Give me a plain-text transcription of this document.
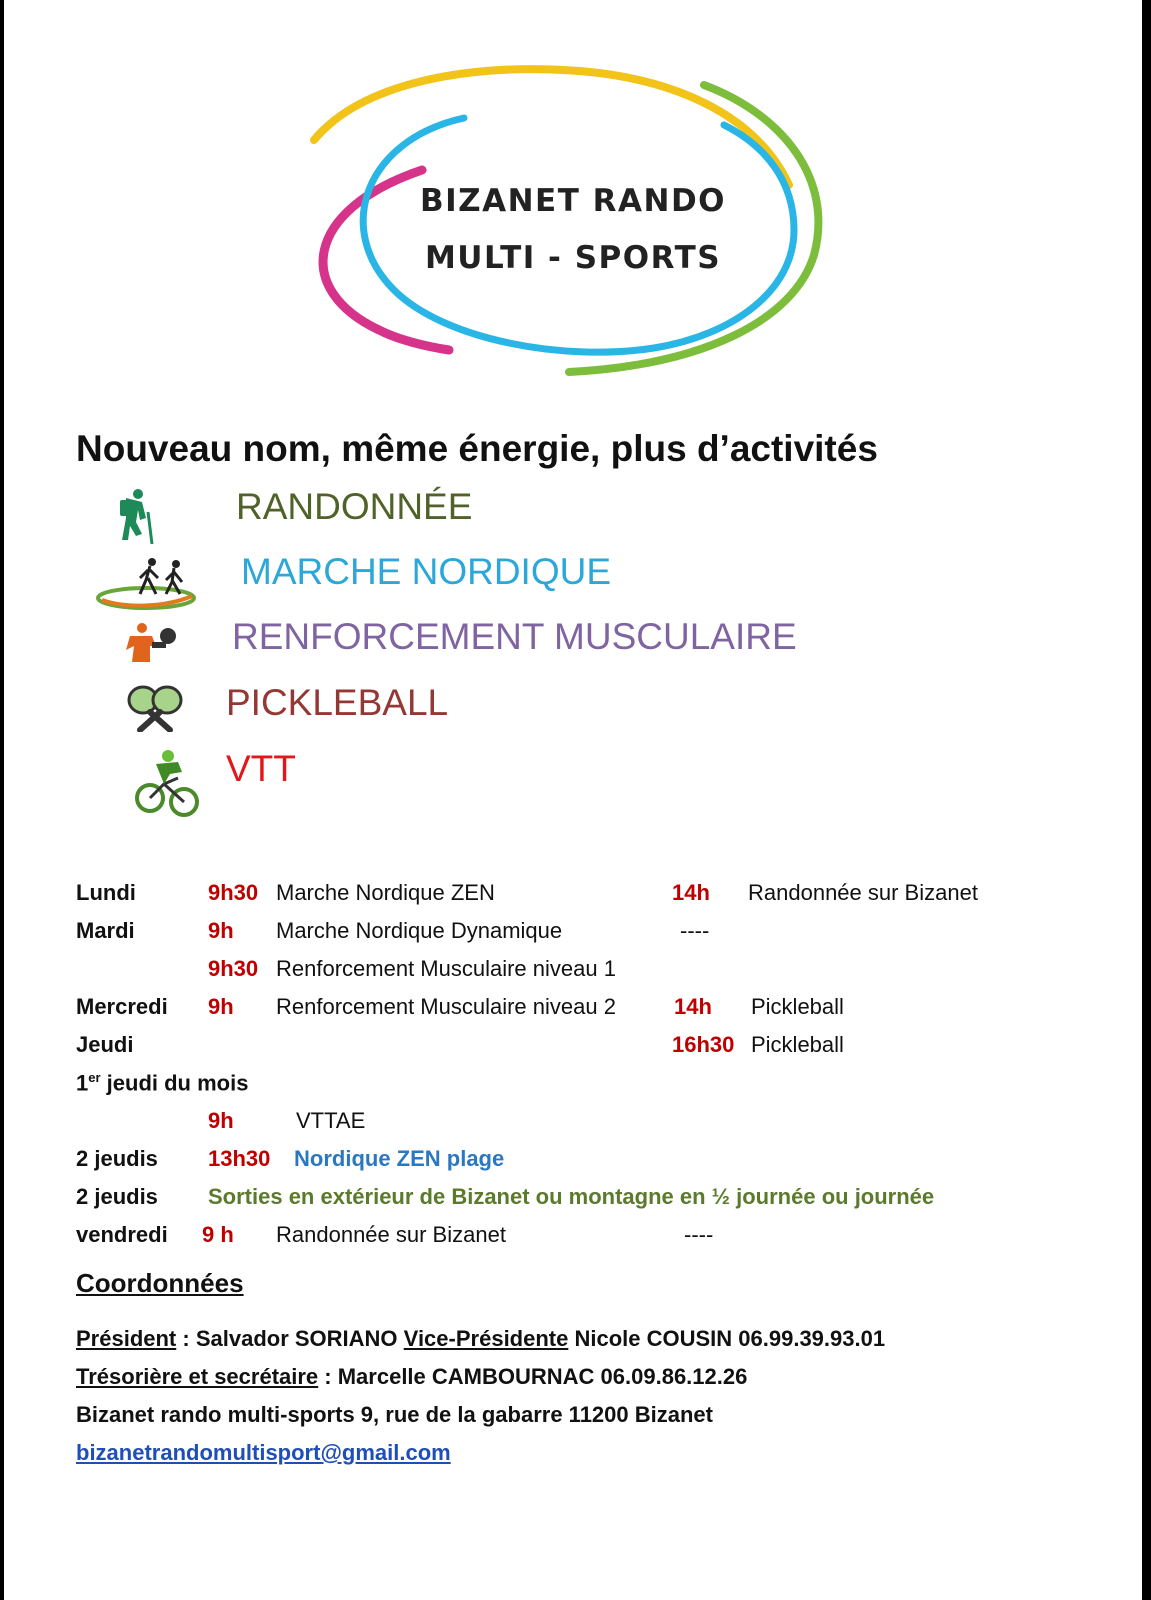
BIZANET RANDO
MULTI - SPORTS
Nouveau nom, même énergie, plus d’activités
RANDONNÉE
MARCHE NORDIQUE
RENFORCEMENT MUSCULAIRE
PICKLEBALL
VTT
Lundi	9h30 Marche Nordique ZEN	14h Randonnée sur Bizanet
Mardi	9h Marche Nordique Dynamique	----
9h30 Renforcement Musculaire niveau 1
Mercredi 9h Renforcement Musculaire niveau 2	14h Pickleball
Jeudi	16h30 Pickleball
1er jeudi du mois
9h	VTTAE
2 jeudis 13h30 Nordique ZEN plage
2 jeudis Sorties en extérieur de Bizanet ou montagne en ½ journée ou journée
vendredi 9 h Randonnée sur Bizanet	----
Coordonnées
Président : Salvador SORIANO Vice-Présidente Nicole COUSIN 06.99.39.93.01
Trésorière et secrétaire : Marcelle CAMBOURNAC 06.09.86.12.26
Bizanet rando multi-sports 9, rue de la gabarre 11200 Bizanet
bizanetrandomultisport@gmail.com
